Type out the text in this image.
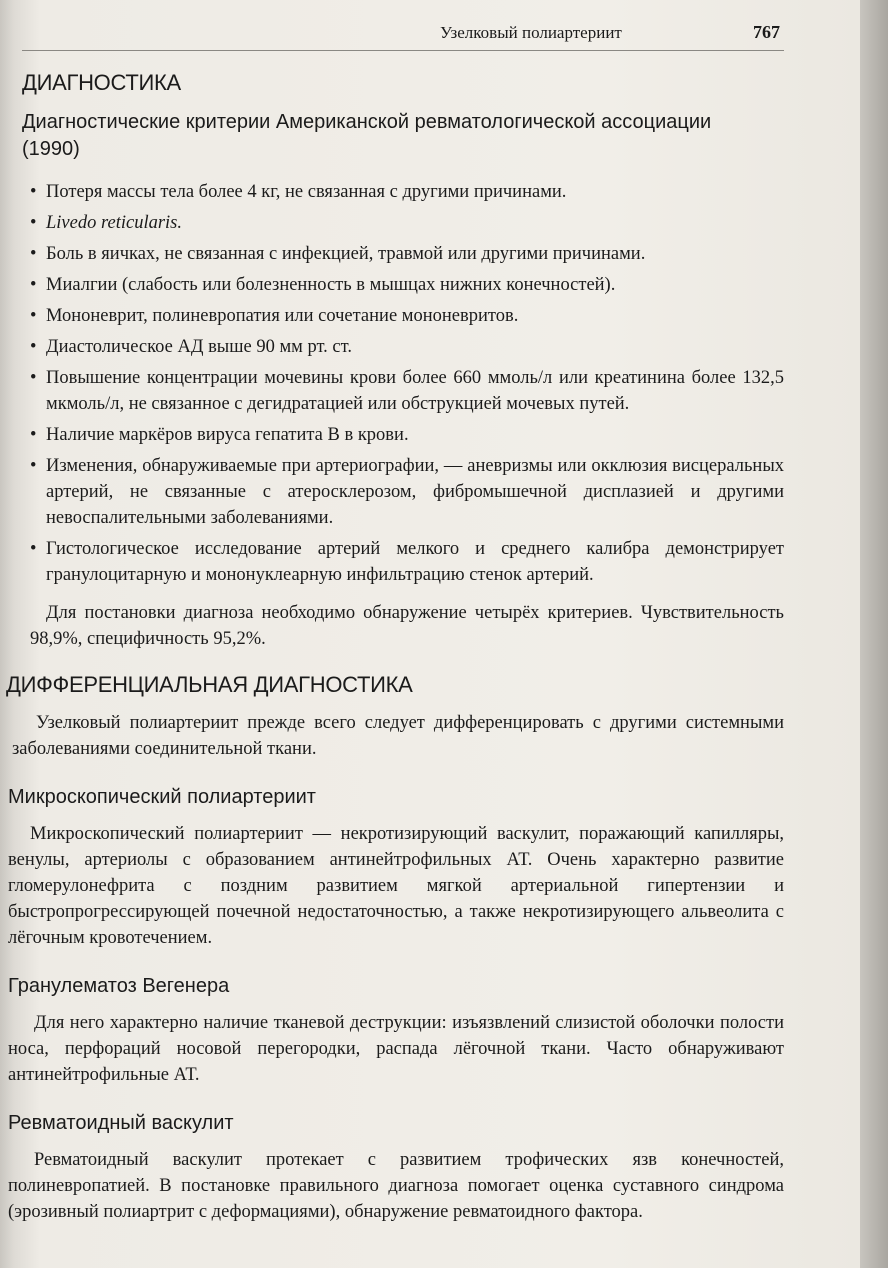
Узелковый полиартериит	767
ДИАГНОСТИКА
Диагностические критерии Американской ревматологической ассоциации (1990)
• Потеря массы тела более 4 кг, не связанная с другими причинами.
• Livedo reticularis.
• Боль в яичках, не связанная с инфекцией, травмой или другими причинами.
• Миалгии (слабость или болезненность в мышцах нижних конечностей).
• Мононеврит, полиневропатия или сочетание мононевритов.
• Диастолическое АД выше 90 мм рт. ст.
• Повышение концентрации мочевины крови более 660 ммоль/л или креатинина более 132,5 мкмоль/л, не связанное с дегидратацией или обструкцией мочевых путей.
• Наличие маркёров вируса гепатита В в крови.
• Изменения, обнаруживаемые при артериографии, — аневризмы или окклюзия висцеральных артерий, не связанные с атеросклерозом, фибромышечной дисплазией и другими невоспалительными заболеваниями.
• Гистологическое исследование артерий мелкого и среднего калибра демонстрирует гранулоцитарную и мононуклеарную инфильтрацию стенок артерий.

Для постановки диагноза необходимо обнаружение четырёх критериев. Чувствительность 98,9%, специфичность 95,2%.

ДИФФЕРЕНЦИАЛЬНАЯ ДИАГНОСТИКА

Узелковый полиартериит прежде всего следует дифференцировать с другими системными заболеваниями соединительной ткани.

Микроскопический полиартериит

Микроскопический полиартериит — некротизирующий васкулит, поражающий капилляры, венулы, артериолы с образованием антинейтрофильных АТ. Очень характерно развитие гломерулонефрита с поздним развитием мягкой артериальной гипертензии и быстропрогрессирующей почечной недостаточностью, а также некротизирующего альвеолита с лёгочным кровотечением.

Гранулематоз Вегенера

Для него характерно наличие тканевой деструкции: изъязвлений слизистой оболочки полости носа, перфораций носовой перегородки, распада лёгочной ткани. Часто обнаруживают антинейтрофильные АТ.

Ревматоидный васкулит

Ревматоидный васкулит протекает с развитием трофических язв конечностей, полиневропатией. В постановке правильного диагноза помогает оценка суставного синдрома (эрозивный полиартрит с деформациями), обнаружение ревматоидного фактора.
